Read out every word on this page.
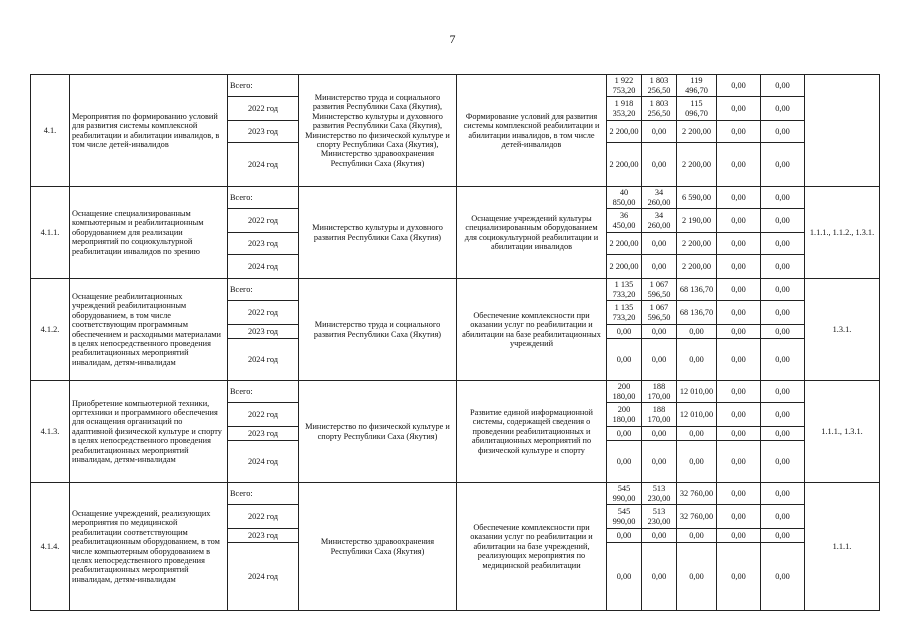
7
4.1.	Мероприятия по формированию условий для развития системы комплексной реабилитации и абилитации инвалидов, в том числе детей-инвалидов	Всего:	Министерство труда и социального развития Республики Саха (Якутия), Министерство культуры и духовного развития Республики Саха (Якутия), Министерство по физической культуре и спорту Республики Саха (Якутия), Министерство здравоохранения Республики Саха (Якутия)	Формирование условий для развития системы комплексной реабилитации и абилитации инвалидов, в том числе детей-инвалидов	1 922 753,20	1 803 256,50	119 496,70	0,00	0,00	
		2022 год			1 918 353,20	1 803 256,50	115 096,70	0,00	0,00	
		2023 год			2 200,00	0,00	2 200,00	0,00	0,00	
		2024 год			2 200,00	0,00	2 200,00	0,00	0,00	
4.1.1.	Оснащение специализированным компьютерным и реабилитационным оборудованием для реализации мероприятий по социокультурной реабилитации инвалидов по зрению	Всего:	Министерство культуры и духовного развития Республики Саха (Якутия)	Оснащение учреждений культуры специализированным оборудованием для социокультурной реабилитации и абилитации инвалидов	40 850,00	34 260,00	6 590,00	0,00	0,00	1.1.1., 1.1.2., 1.3.1.
		2022 год			36 450,00	34 260,00	2 190,00	0,00	0,00	
		2023 год			2 200,00	0,00	2 200,00	0,00	0,00	
		2024 год			2 200,00	0,00	2 200,00	0,00	0,00	
4.1.2.	Оснащение реабилитационных учреждений реабилитационным оборудованием, в том числе соответствующим программным обеспечением и расходными материалами в целях непосредственного проведения реабилитационных мероприятий инвалидам, детям-инвалидам	Всего:	Министерство труда и социального развития Республики Саха (Якутия)	Обеспечение комплексности при оказании услуг по реабилитации и абилитации на базе реабилитационных учреждений	1 135 733,20	1 067 596,50	68 136,70	0,00	0,00	1.3.1.
		2022 год			1 135 733,20	1 067 596,50	68 136,70	0,00	0,00	
		2023 год			0,00	0,00	0,00	0,00	0,00	
		2024 год			0,00	0,00	0,00	0,00	0,00	
4.1.3.	Приобретение компьютерной техники, оргтехники и программного обеспечения для оснащения организаций по адаптивной физической культуре и спорту в целях непосредственного проведения реабилитационных мероприятий инвалидам, детям-инвалидам	Всего:	Министерство по физической культуре и спорту Республики Саха (Якутия)	Развитие единой информационной системы, содержащей сведения о проведении реабилитационных и абилитационных мероприятий по физической культуре и спорту	200 180,00	188 170,00	12 010,00	0,00	0,00	1.1.1., 1.3.1.
		2022 год			200 180,00	188 170,00	12 010,00	0,00	0,00	
		2023 год			0,00	0,00	0,00	0,00	0,00	
		2024 год			0,00	0,00	0,00	0,00	0,00	
4.1.4.	Оснащение учреждений, реализующих мероприятия по медицинской реабилитации соответствующим реабилитационным оборудованием, в том числе компьютерным оборудованием в целях непосредственного проведения реабилитационных мероприятий инвалидам, детям-инвалидам	Всего:	Министерство здравоохранения Республики Саха (Якутия)	Обеспечение комплексности при оказании услуг по реабилитации и абилитации на базе учреждений, реализующих мероприятия по медицинской реабилитации	545 990,00	513 230,00	32 760,00	0,00	0,00	1.1.1.
		2022 год			545 990,00	513 230,00	32 760,00	0,00	0,00	
		2023 год			0,00	0,00	0,00	0,00	0,00	
		2024 год			0,00	0,00	0,00	0,00	0,00	
